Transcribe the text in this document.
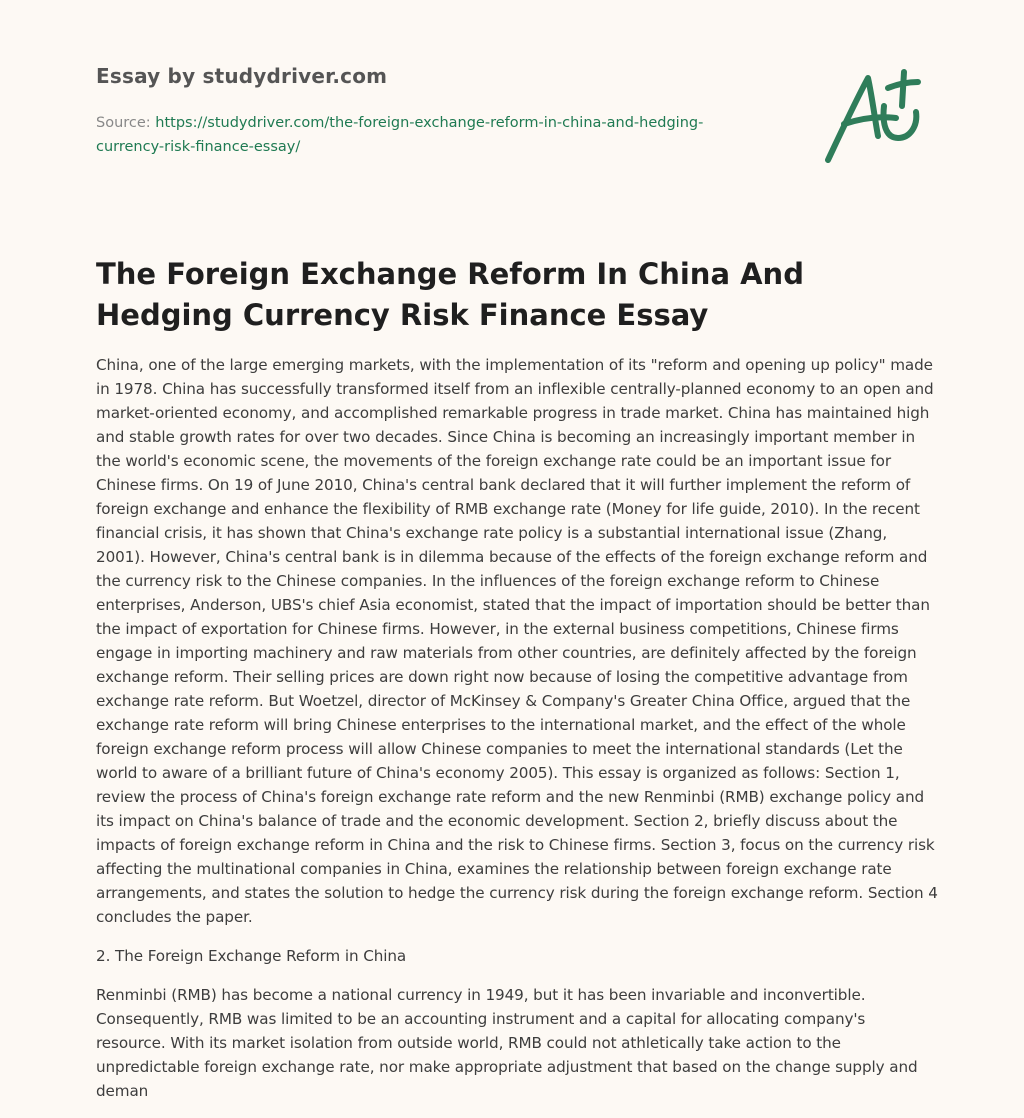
Essay by studydriver.com
Source: https://studydriver.com/the-foreign-exchange-reform-in-china-and-hedging-currency-risk-finance-essay/
The Foreign Exchange Reform In China And Hedging Currency Risk Finance Essay

China, one of the large emerging markets, with the implementation of its "reform and opening up policy" made in 1978. China has successfully transformed itself from an inflexible centrally-planned economy to an open and market-oriented economy, and accomplished remarkable progress in trade market. China has maintained high and stable growth rates for over two decades. Since China is becoming an increasingly important member in the world's economic scene, the movements of the foreign exchange rate could be an important issue for Chinese firms. On 19 of June 2010, China's central bank declared that it will further implement the reform of foreign exchange and enhance the flexibility of RMB exchange rate (Money for life guide, 2010). In the recent financial crisis, it has shown that China's exchange rate policy is a substantial international issue (Zhang, 2001). However, China's central bank is in dilemma because of the effects of the foreign exchange reform and the currency risk to the Chinese companies. In the influences of the foreign exchange reform to Chinese enterprises, Anderson, UBS's chief Asia economist, stated that the impact of importation should be better than the impact of exportation for Chinese firms. However, in the external business competitions, Chinese firms engage in importing machinery and raw materials from other countries, are definitely affected by the foreign exchange reform. Their selling prices are down right now because of losing the competitive advantage from exchange rate reform. But Woetzel, director of McKinsey & Company's Greater China Office, argued that the exchange rate reform will bring Chinese enterprises to the international market, and the effect of the whole foreign exchange reform process will allow Chinese companies to meet the international standards (Let the world to aware of a brilliant future of China's economy 2005). This essay is organized as follows: Section 1, review the process of China's foreign exchange rate reform and the new Renminbi (RMB) exchange policy and its impact on China's balance of trade and the economic development. Section 2, briefly discuss about the impacts of foreign exchange reform in China and the risk to Chinese firms. Section 3, focus on the currency risk affecting the multinational companies in China, examines the relationship between foreign exchange rate arrangements, and states the solution to hedge the currency risk during the foreign exchange reform. Section 4 concludes the paper.

2. The Foreign Exchange Reform in China

Renminbi (RMB) has become a national currency in 1949, but it has been invariable and inconvertible. Consequently, RMB was limited to be an accounting instrument and a capital for allocating company's resource. With its market isolation from outside world, RMB could not athletically take action to the unpredictable foreign exchange rate, nor make appropriate adjustment that based on the change supply and deman
